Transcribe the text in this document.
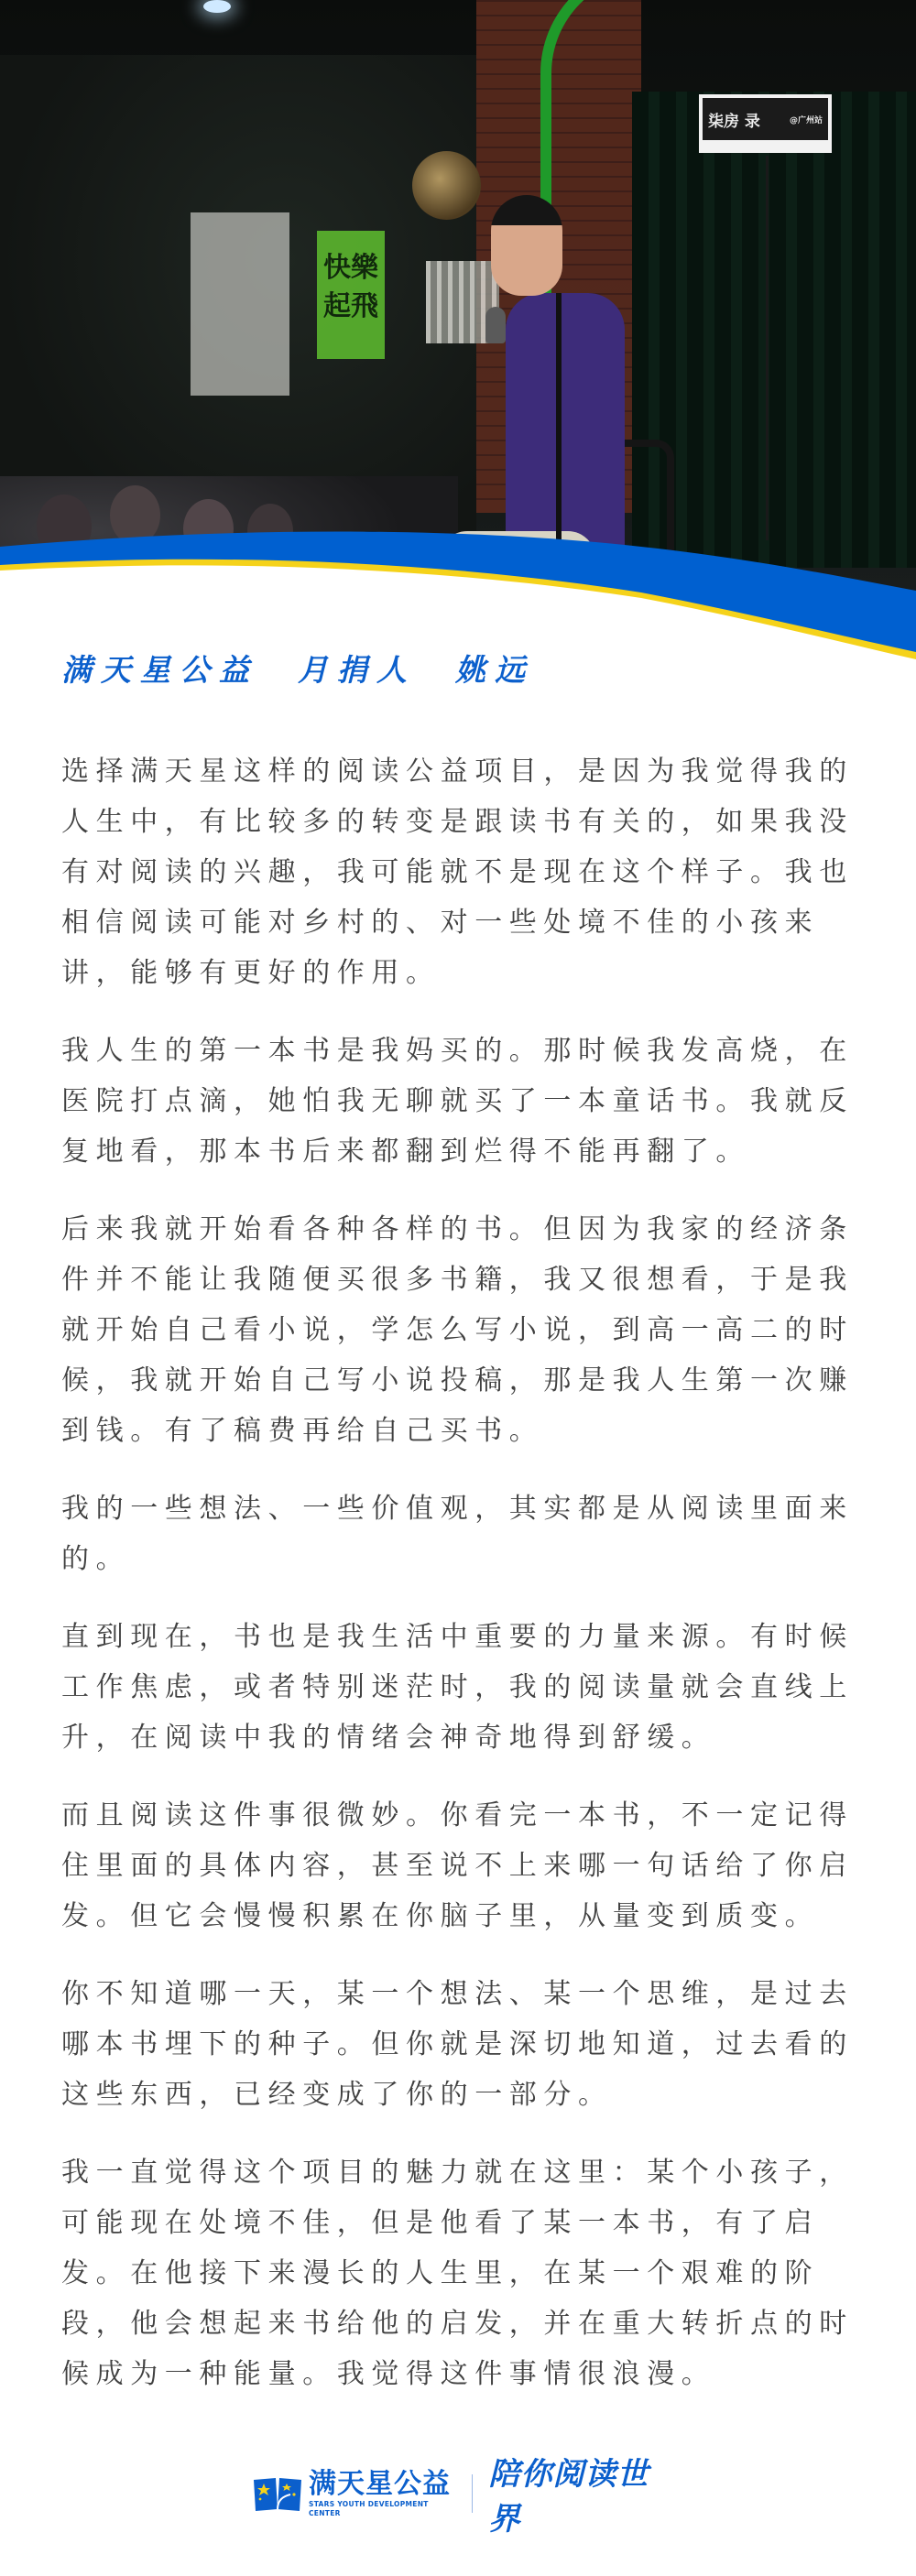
快樂起飛
柒房 录	@广州站
满天星公益  月捐人  姚远

选择满天星这样的阅读公益项目，是因为我觉得我的
人生中，有比较多的转变是跟读书有关的，如果我没
有对阅读的兴趣，我可能就不是现在这个样子。我也
相信阅读可能对乡村的、对一些处境不佳的小孩来
讲，能够有更好的作用。

我人生的第一本书是我妈买的。那时候我发高烧，在
医院打点滴，她怕我无聊就买了一本童话书。我就反
复地看，那本书后来都翻到烂得不能再翻了。

后来我就开始看各种各样的书。但因为我家的经济条
件并不能让我随便买很多书籍，我又很想看，于是我
就开始自己看小说，学怎么写小说，到高一高二的时
候，我就开始自己写小说投稿，那是我人生第一次赚
到钱。有了稿费再给自己买书。

我的一些想法、一些价值观，其实都是从阅读里面来
的。

直到现在，书也是我生活中重要的力量来源。有时候
工作焦虑，或者特别迷茫时，我的阅读量就会直线上
升，在阅读中我的情绪会神奇地得到舒缓。

而且阅读这件事很微妙。你看完一本书，不一定记得
住里面的具体内容，甚至说不上来哪一句话给了你启
发。但它会慢慢积累在你脑子里，从量变到质变。

你不知道哪一天，某一个想法、某一个思维，是过去
哪本书埋下的种子。但你就是深切地知道，过去看的
这些东西，已经变成了你的一部分。

我一直觉得这个项目的魅力就在这里：某个小孩子，
可能现在处境不佳，但是他看了某一本书，有了启
发。在他接下来漫长的人生里，在某一个艰难的阶
段，他会想起来书给他的启发，并在重大转折点的时
候成为一种能量。我觉得这件事情很浪漫。

满天星公益
STARS YOUTH DEVELOPMENT CENTER
陪你阅读世界
